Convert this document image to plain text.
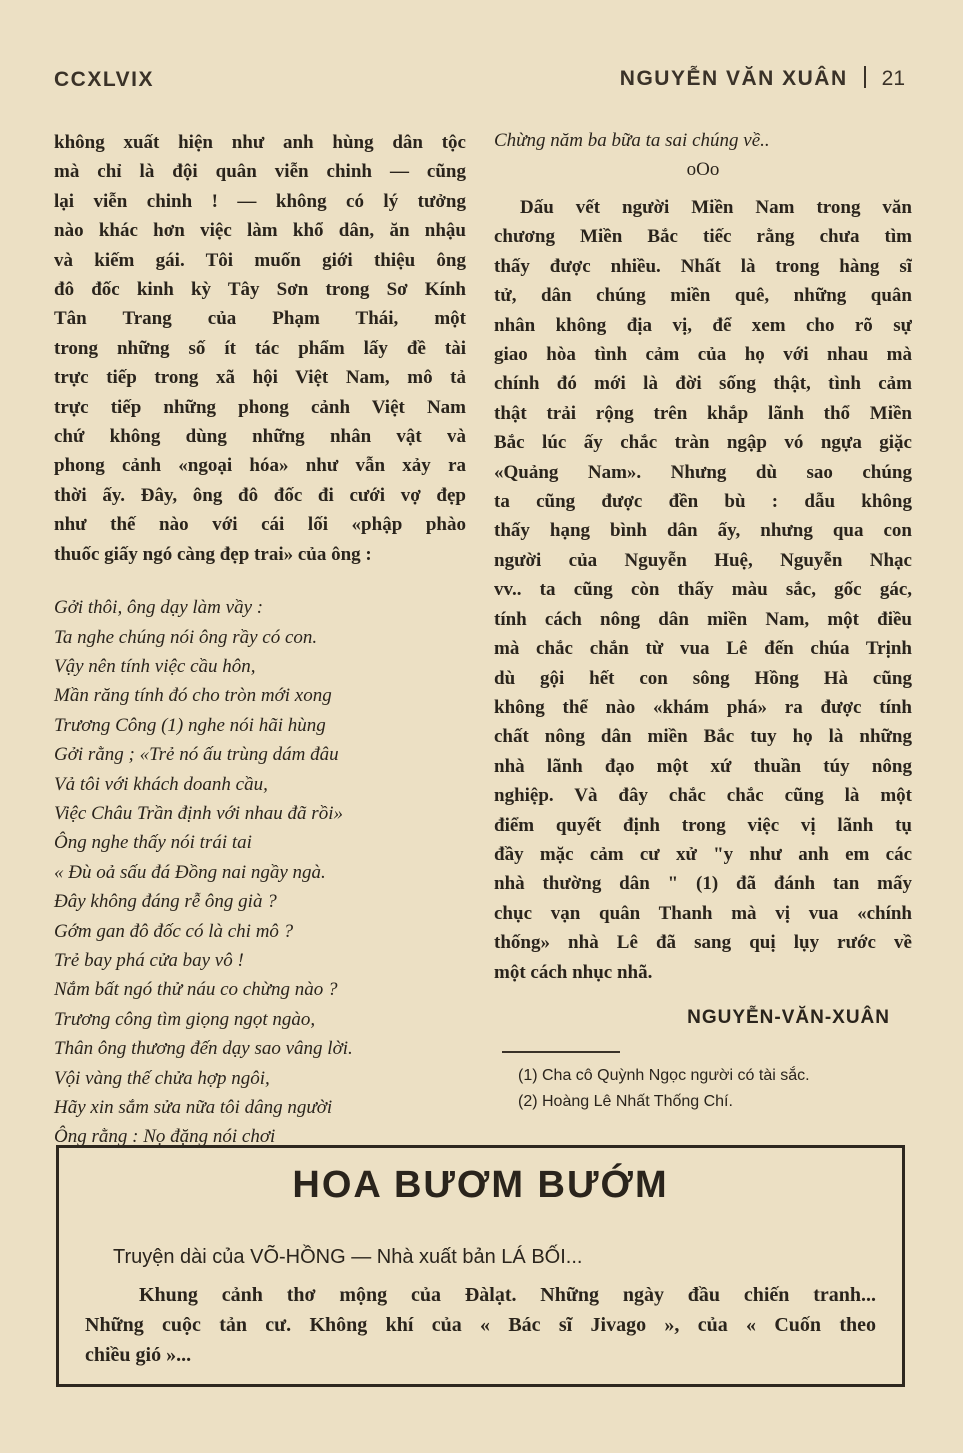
CCXLVIX	NGUYỄN VĂN XUÂN 21
không xuất hiện như anh hùng dân tộc
mà chỉ là đội quân viễn chinh — cũng
lại viễn chinh ! — không có lý tưởng
nào khác hơn việc làm khổ dân, ăn nhậu
và kiếm gái. Tôi muốn giới thiệu ông
đô đốc kinh kỳ Tây Sơn trong Sơ Kính
Tân Trang của Phạm Thái, một
trong những số ít tác phẩm lấy đề tài
trực tiếp trong xã hội Việt Nam, mô tả
trực tiếp những phong cảnh Việt Nam
chứ không dùng những nhân vật và
phong cảnh «ngoại hóa» như vẫn xảy ra
thời ấy. Đây, ông đô đốc đi cưới vợ đẹp
như thế nào với cái lối «phập phào
thuốc giấy ngó càng đẹp trai» của ông :
Gởi thôi, ông dạy làm vầy :
Ta nghe chúng nói ông rầy có con.
Vậy nên tính việc cầu hôn,
Mần răng tính đó cho tròn mới xong
Trương Công (1) nghe nói hãi hùng
Gởi rằng ; «Trẻ nó ấu trùng dám đâu
Vả tôi với khách doanh cầu,
Việc Châu Trần định với nhau đã rồi»
Ông nghe thấy nói trái tai
« Đù oả sấu đá Đồng nai ngầy ngà.
Đây không đáng rễ ông già ?
Gớm gan đô đốc có là chi mô ?
Trẻ bay phá cửa bay vô !
Nắm bất ngó thử náu co chừng nào ?
Trương công tìm giọng ngọt ngào,
Thân ông thương đến dạy sao vâng lời.
Vội vàng thế chửa hợp ngôi,
Hãy xin sắm sửa nữa tôi dâng người
Ông rằng : Nọ đặng nói chơi
Chừng năm ba bữa ta sai chúng về..
oOo
Dấu vết người Miền Nam trong văn
chương Miền Bắc tiếc rằng chưa tìm
thấy được nhiều. Nhất là trong hàng sĩ
tử, dân chúng miền quê, những quân
nhân không địa vị, để xem cho rõ sự
giao hòa tình cảm của họ với nhau mà
chính đó mới là đời sống thật, tình cảm
thật trải rộng trên khắp lãnh thổ Miền
Bắc lúc ấy chắc tràn ngập vó ngựa giặc
«Quảng Nam». Nhưng dù sao chúng
ta cũng được đền bù : dẫu không
thấy hạng bình dân ấy, nhưng qua con
người của Nguyễn Huệ, Nguyễn Nhạc
vv.. ta cũng còn thấy màu sắc, gốc gác,
tính cách nông dân miền Nam, một điều
mà chắc chắn từ vua Lê đến chúa Trịnh
dù gội hết con sông Hồng Hà cũng
không thể nào «khám phá» ra được tính
chất nông dân miền Bắc tuy họ là những
nhà lãnh đạo một xứ thuần túy nông
nghiệp. Và đây chắc chắc cũng là một
điểm quyết định trong việc vị lãnh tụ
đầy mặc cảm cư xử "y như anh em các
nhà thường dân " (1) đã đánh tan mấy
chục vạn quân Thanh mà vị vua «chính
thống» nhà Lê đã sang quị lụy rước về
một cách nhục nhã.
NGUYỄN-VĂN-XUÂN
(1) Cha cô Quỳnh Ngọc người có tài sắc.
(2) Hoàng Lê Nhất Thống Chí.
HOA BƯƠM BƯỚM
Truyện dài của VÕ-HỒNG — Nhà xuất bản LÁ BỐI...
Khung cảnh thơ mộng của Đàlạt. Những ngày đầu chiến tranh...
Những cuộc tản cư. Không khí của « Bác sĩ Jivago », của « Cuốn theo
chiều gió »...
